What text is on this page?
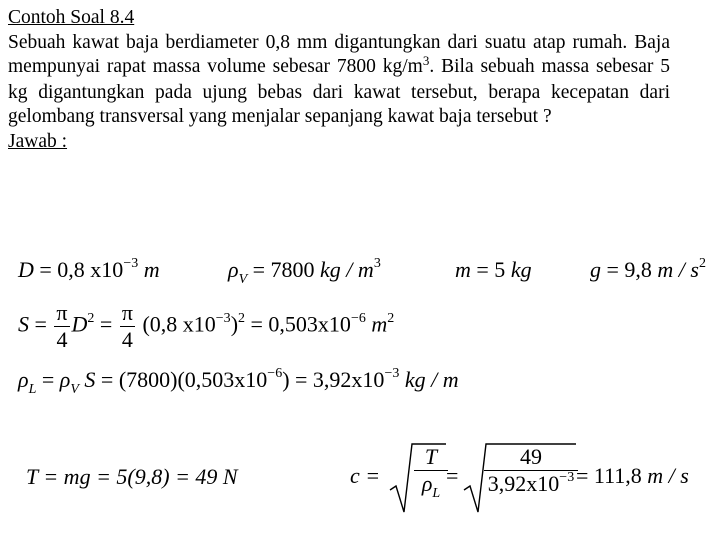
Contoh Soal 8.4

Sebuah kawat baja berdiameter 0,8 mm digantungkan dari suatu atap rumah. Baja mempunyai rapat massa volume sebesar 7800 $kg/m^3$. Bila sebuah massa sebesar 5 kg digantungkan pada ujung bebas dari kawat tersebut, berapa kecepatan dari gelombang transversal yang menjalar sepanjang kawat baja tersebut ?

Jawab :

D = 0,8 $x10^{-3}$ m	$\rho_V = 7800$ kg / $m^3$	m = 5 kg	g = 9,8 m / $s^2$
$S = \frac{\pi}{4} D^2 = \frac{\pi}{4} (0,8$ $x10^{-3})^2 = 0,503x10^{-6}$ $m^2$
$\rho_L = \rho_V$ $S = (7800)(0,503x10^{-6}) = 3,92x10^{-3}$ kg / m
T = mg = 5(9,8) = 49 N	$c = \frac{T}{\rho_L}$
= $\frac{49}{3,92x10^{-3}}$
= 111,8 m / s
